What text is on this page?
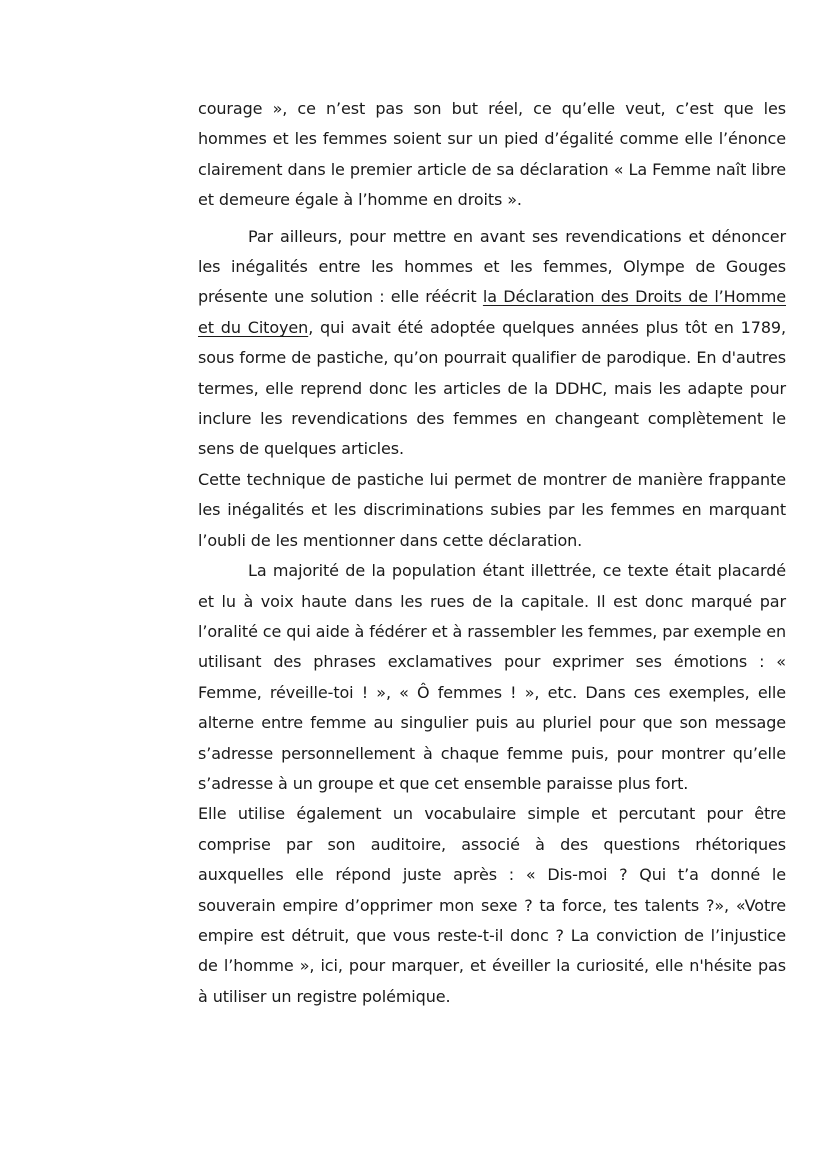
courage », ce n’est pas son but réel, ce qu’elle veut, c’est que les hommes et les femmes soient sur un pied d’égalité comme elle l’énonce clairement dans le premier article de sa déclaration « La Femme naît libre et demeure égale à l’homme en droits ».

Par ailleurs, pour mettre en avant ses revendications et dénoncer les inégalités entre les hommes et les femmes, Olympe de Gouges présente une solution : elle réécrit la Déclaration des Droits de l’Homme et du Citoyen, qui avait été adoptée quelques années plus tôt en 1789, sous forme de pastiche, qu’on pourrait qualifier de parodique. En d'autres termes, elle reprend donc les articles de la DDHC, mais les adapte pour inclure les revendications des femmes en changeant complètement le sens de quelques articles.

Cette technique de pastiche lui permet de montrer de manière frappante les inégalités et les discriminations subies par les femmes en marquant l’oubli de les mentionner dans cette déclaration.

La majorité de la population étant illettrée, ce texte était placardé et lu à voix haute dans les rues de la capitale. Il est donc marqué par l’oralité ce qui aide à fédérer et à rassembler les femmes, par exemple en utilisant des phrases exclamatives pour exprimer ses émotions : « Femme, réveille-toi ! », « Ô femmes ! », etc. Dans ces exemples, elle alterne entre femme au singulier puis au pluriel pour que son message s’adresse personnellement à chaque femme puis, pour montrer qu’elle s’adresse à un groupe et que cet ensemble paraisse plus fort.

Elle utilise également un vocabulaire simple et percutant pour être comprise par son auditoire, associé à des questions rhétoriques auxquelles elle répond juste après : « Dis-moi ? Qui t’a donné le souverain empire d’opprimer mon sexe ? ta force, tes talents ?», «Votre empire est détruit, que vous reste-t-il donc ? La conviction de l’injustice de l’homme », ici, pour marquer, et éveiller la curiosité, elle n'hésite pas à utiliser un registre polémique.
